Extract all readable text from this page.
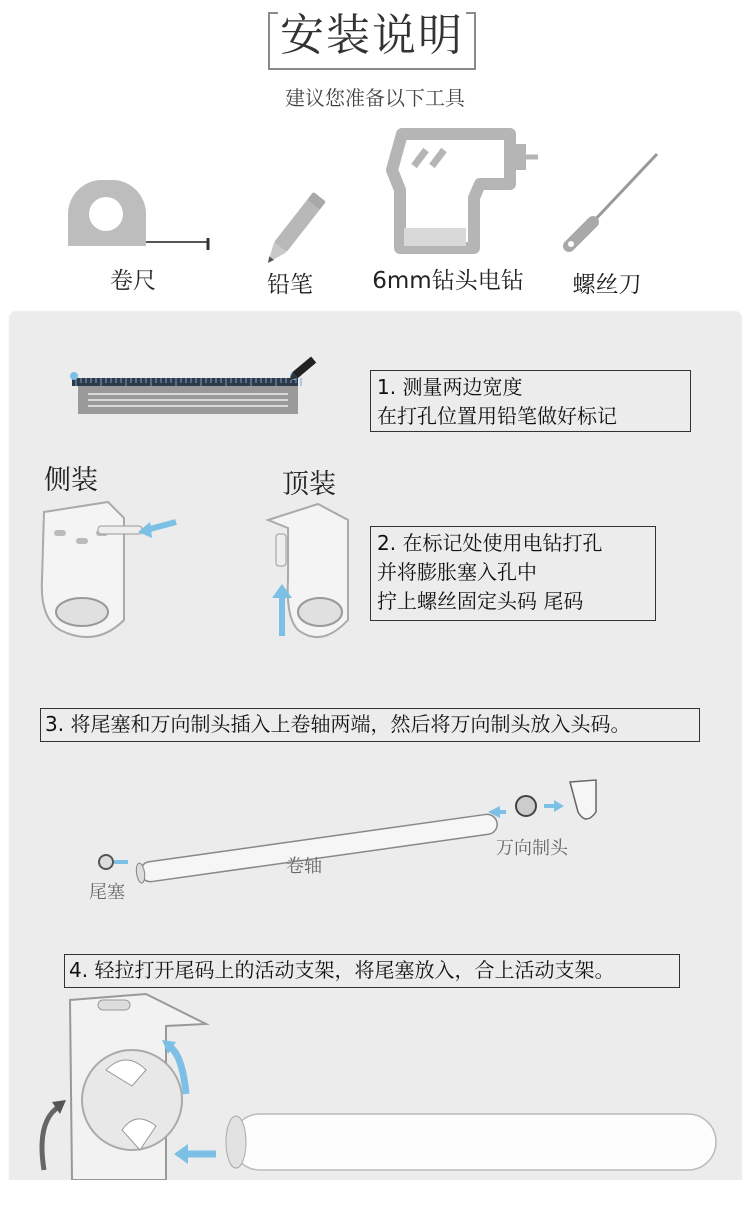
安装说明
建议您准备以下工具
卷尺	铅笔	6mm钻头电钻	螺丝刀
1. 测量两边宽度
在打孔位置用铅笔做好标记
侧装	顶装
2. 在标记处使用电钻打孔
并将膨胀塞入孔中
拧上螺丝固定头码 尾码
3. 将尾塞和万向制头插入上卷轴两端，然后将万向制头放入头码。
卷轴
万向制头
尾塞
4. 轻拉打开尾码上的活动支架，将尾塞放入，合上活动支架。
